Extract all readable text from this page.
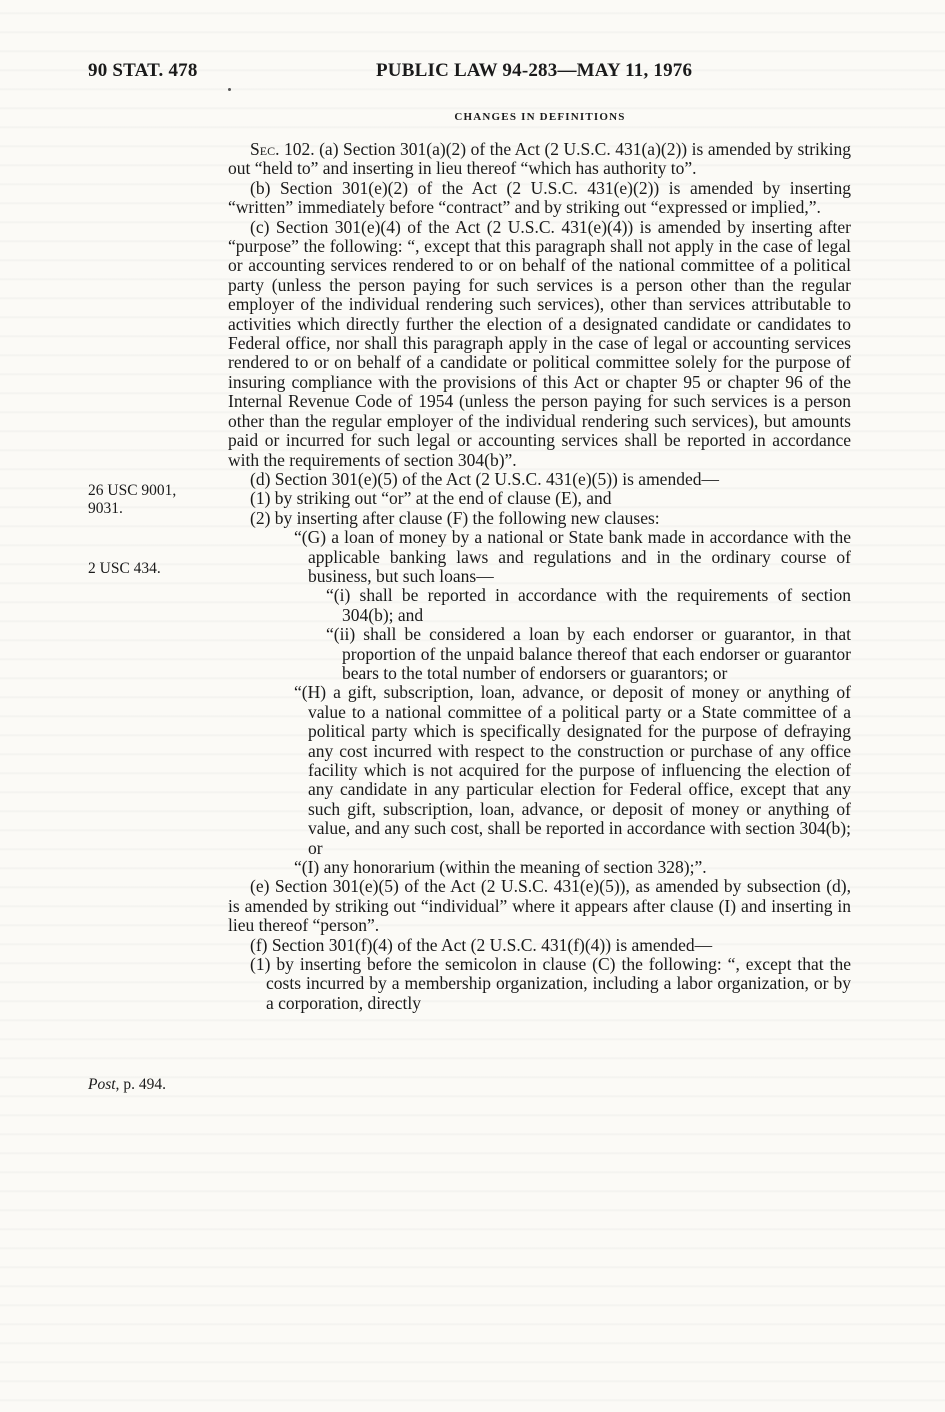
90 STAT. 478	PUBLIC LAW 94-283—MAY 11, 1976
CHANGES IN DEFINITIONS
26 USC 9001,
9031.
2 USC 434.
Post, p. 494.

Sec. 102. (a) Section 301(a)(2) of the Act (2 U.S.C. 431(a)(2)) is amended by striking out “held to” and inserting in lieu thereof “which has authority to”.

(b) Section 301(e)(2) of the Act (2 U.S.C. 431(e)(2)) is amended by inserting “written” immediately before “contract” and by striking out “expressed or implied,”.

(c) Section 301(e)(4) of the Act (2 U.S.C. 431(e)(4)) is amended by inserting after “purpose” the following: “, except that this paragraph shall not apply in the case of legal or accounting services rendered to or on behalf of the national committee of a political party (unless the person paying for such services is a person other than the regular employer of the individual rendering such services), other than services attributable to activities which directly further the election of a designated candidate or candidates to Federal office, nor shall this paragraph apply in the case of legal or accounting services rendered to or on behalf of a candidate or political committee solely for the purpose of insuring compliance with the provisions of this Act or chapter 95 or chapter 96 of the Internal Revenue Code of 1954 (unless the person paying for such services is a person other than the regular employer of the individual rendering such services), but amounts paid or incurred for such legal or accounting services shall be reported in accordance with the requirements of section 304(b)”.

(d) Section 301(e)(5) of the Act (2 U.S.C. 431(e)(5)) is amended—

(1) by striking out “or” at the end of clause (E), and

(2) by inserting after clause (F) the following new clauses:

“(G) a loan of money by a national or State bank made in accordance with the applicable banking laws and regulations and in the ordinary course of business, but such loans—

“(i) shall be reported in accordance with the requirements of section 304(b); and

“(ii) shall be considered a loan by each endorser or guarantor, in that proportion of the unpaid balance thereof that each endorser or guarantor bears to the total number of endorsers or guarantors; or

“(H) a gift, subscription, loan, advance, or deposit of money or anything of value to a national committee of a political party or a State committee of a political party which is specifically designated for the purpose of defraying any cost incurred with respect to the construction or purchase of any office facility which is not acquired for the purpose of influencing the election of any candidate in any particular election for Federal office, except that any such gift, subscription, loan, advance, or deposit of money or anything of value, and any such cost, shall be reported in accordance with section 304(b); or

“(I) any honorarium (within the meaning of section 328);”.

(e) Section 301(e)(5) of the Act (2 U.S.C. 431(e)(5)), as amended by subsection (d), is amended by striking out “individual” where it appears after clause (I) and inserting in lieu thereof “person”.

(f) Section 301(f)(4) of the Act (2 U.S.C. 431(f)(4)) is amended—

(1) by inserting before the semicolon in clause (C) the following: “, except that the costs incurred by a membership organization, including a labor organization, or by a corporation, directly
